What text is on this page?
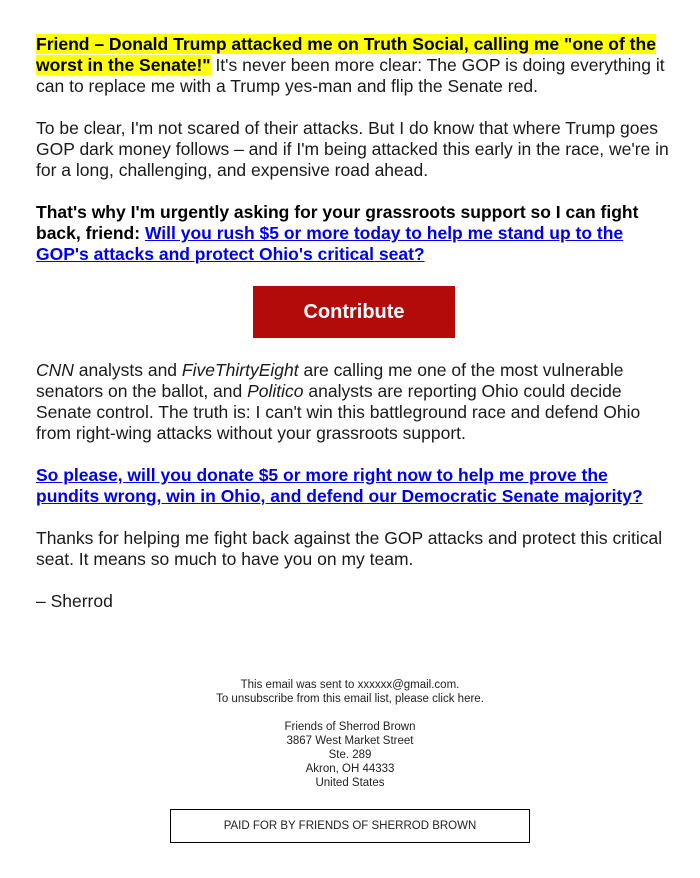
Friend – Donald Trump attacked me on Truth Social, calling me "one of the worst in the Senate!" It's never been more clear: The GOP is doing everything it can to replace me with a Trump yes-man and flip the Senate red.

To be clear, I'm not scared of their attacks. But I do know that where Trump goes GOP dark money follows – and if I'm being attacked this early in the race, we're in for a long, challenging, and expensive road ahead.

That's why I'm urgently asking for your grassroots support so I can fight back, friend: Will you rush $5 or more today to help me stand up to the GOP's attacks and protect Ohio's critical seat?

Contribute

CNN analysts and FiveThirtyEight are calling me one of the most vulnerable senators on the ballot, and Politico analysts are reporting Ohio could decide Senate control. The truth is: I can't win this battleground race and defend Ohio from right-wing attacks without your grassroots support.

So please, will you donate $5 or more right now to help me prove the pundits wrong, win in Ohio, and defend our Democratic Senate majority?

Thanks for helping me fight back against the GOP attacks and protect this critical seat. It means so much to have you on my team.

– Sherrod

This email was sent to xxxxxx@gmail.com.

To unsubscribe from this email list, please click here.

Friends of Sherrod Brown

3867 West Market Street

Ste. 289

Akron, OH 44333

United States

PAID FOR BY FRIENDS OF SHERROD BROWN
